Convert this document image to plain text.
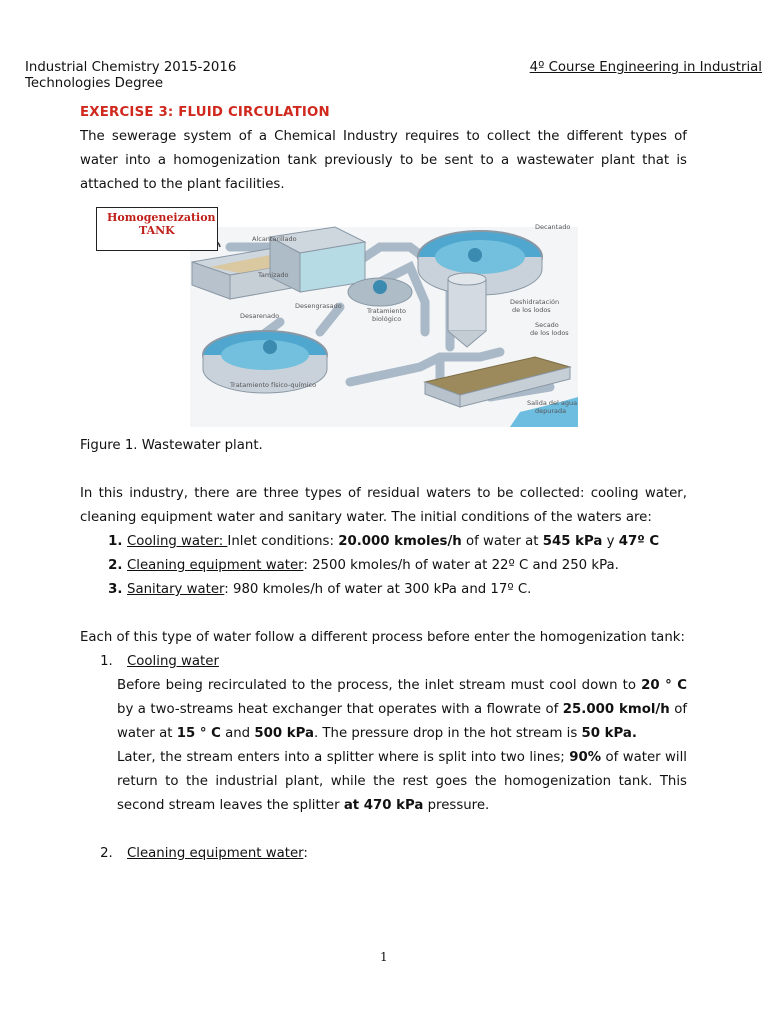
Industrial Chemistry 2015-2016	4º Course Engineering in Industrial
Technologies Degree

EXERCISE 3: FLUID CIRCULATION

The sewerage system of a Chemical Industry requires to collect the different types of water into a homogenization tank previously to be sent to a wastewater plant that is attached to the plant facilities.

Alcantarillado
Tamizado
Desarenado
Desengrasado
Tratamiento
biológico
Decantado
Deshidratación
de los lodos
Secado
de los lodos
Tratamiento físico-químico
Salida del agua
depurada
Homogeneization
TANK

Figure 1. Wastewater plant.

In this industry, there are three types of residual waters to be collected: cooling water, cleaning equipment water and sanitary water. The initial conditions of the waters are:

1. Cooling water: Inlet conditions: 20.000 kmoles/h of water at 545 kPa y 47º C
2. Cleaning equipment water: 2500 kmoles/h of water at 22º C and 250 kPa.
3. Sanitary water: 980 kmoles/h of water at 300 kPa and 17º C.

Each of this type of water follow a different process before enter the homogenization tank:

1. Cooling water

Before being recirculated to the process, the inlet stream must cool down to 20 ° C by a two-streams heat exchanger that operates with a flowrate of 25.000 kmol/h of water at 15 ° C and 500 kPa. The pressure drop in the hot stream is 50 kPa.

Later, the stream enters into a splitter where is split into two lines; 90% of water will return to the industrial plant, while the rest goes the homogenization tank. This second stream leaves the splitter at 470 kPa pressure.

2. Cleaning equipment water:
1
